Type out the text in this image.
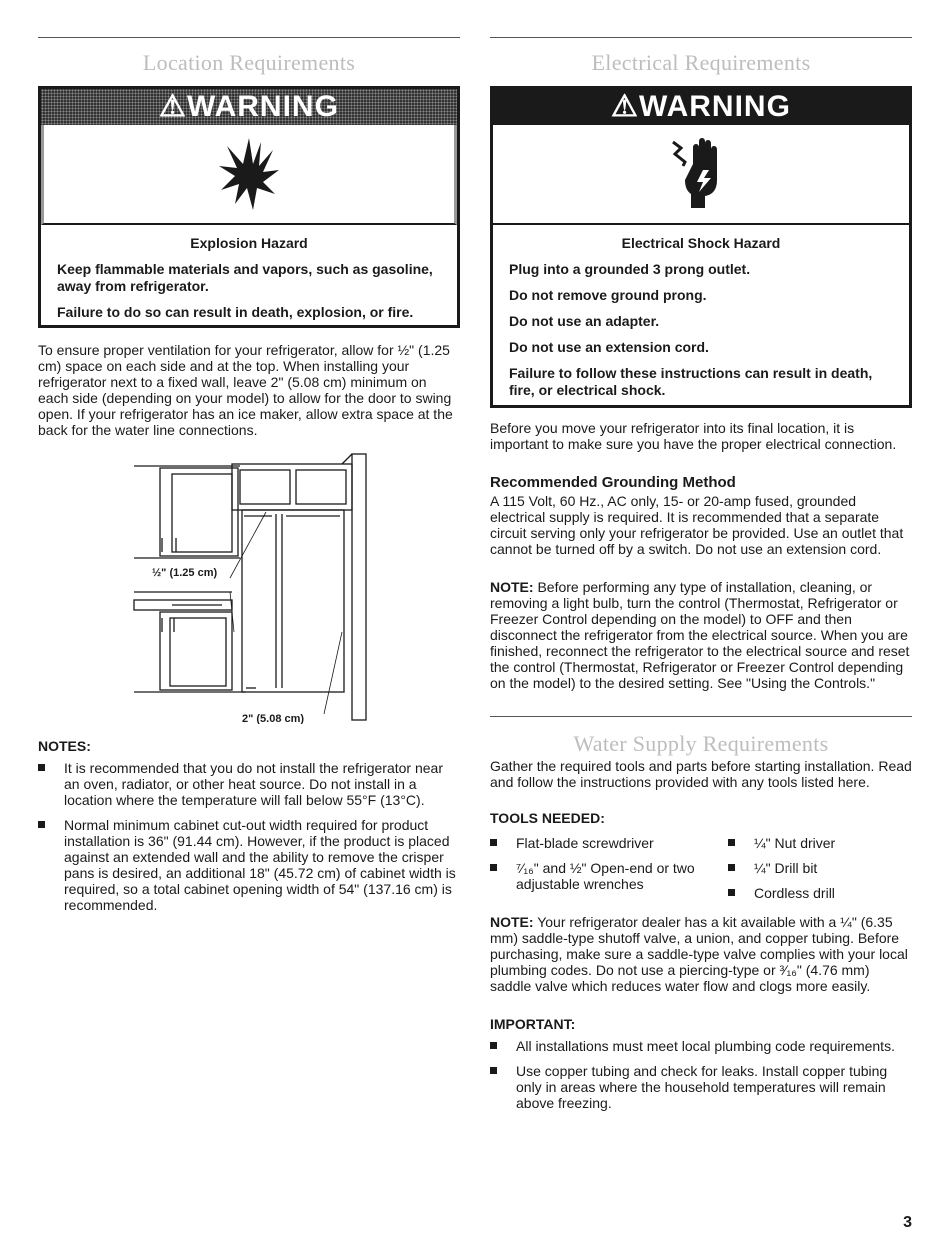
Location Requirements
⚠WARNING
Explosion Hazard

Keep flammable materials and vapors, such as gasoline, away from refrigerator.

Failure to do so can result in death, explosion, or fire.

To ensure proper ventilation for your refrigerator, allow for ½" (1.25 cm) space on each side and at the top. When installing your refrigerator next to a fixed wall, leave 2" (5.08 cm) minimum on each side (depending on your model) to allow for the door to swing open. If your refrigerator has an ice maker, allow extra space at the back for the water line connections.
½" (1.25 cm)
2" (5.08 cm)
NOTES:
It is recommended that you do not install the refrigerator near an oven, radiator, or other heat source. Do not install in a location where the temperature will fall below 55°F (13°C).
Normal minimum cabinet cut-out width required for product installation is 36" (91.44 cm). However, if the product is placed against an extended wall and the ability to remove the crisper pans is desired, an additional 18" (45.72 cm) of cabinet width is required, so a total cabinet opening width of 54" (137.16 cm) is recommended.
Electrical Requirements
⚠WARNING
Electrical Shock Hazard

Plug into a grounded 3 prong outlet.

Do not remove ground prong.

Do not use an adapter.

Do not use an extension cord.

Failure to follow these instructions can result in death, fire, or electrical shock.

Before you move your refrigerator into its final location, it is important to make sure you have the proper electrical connection.
Recommended Grounding Method
A 115 Volt, 60 Hz., AC only, 15- or 20-amp fused, grounded electrical supply is required. It is recommended that a separate circuit serving only your refrigerator be provided. Use an outlet that cannot be turned off by a switch. Do not use an extension cord.
NOTE: Before performing any type of installation, cleaning, or removing a light bulb, turn the control (Thermostat, Refrigerator or Freezer Control depending on the model) to OFF and then disconnect the refrigerator from the electrical source. When you are finished, reconnect the refrigerator to the electrical source and reset the control (Thermostat, Refrigerator or Freezer Control depending on the model) to the desired setting. See "Using the Controls."
Water Supply Requirements
Gather the required tools and parts before starting installation. Read and follow the instructions provided with any tools listed here.
TOOLS NEEDED:
Flat-blade screwdriver
⁷⁄₁₆" and ½" Open-end or two adjustable wrenches
¼" Nut driver
¼" Drill bit
Cordless drill
NOTE: Your refrigerator dealer has a kit available with a ¼" (6.35 mm) saddle-type shutoff valve, a union, and copper tubing. Before purchasing, make sure a saddle-type valve complies with your local plumbing codes. Do not use a piercing-type or ³⁄₁₆" (4.76 mm) saddle valve which reduces water flow and clogs more easily.
IMPORTANT:
All installations must meet local plumbing code requirements.
Use copper tubing and check for leaks. Install copper tubing only in areas where the household temperatures will remain above freezing.
3
